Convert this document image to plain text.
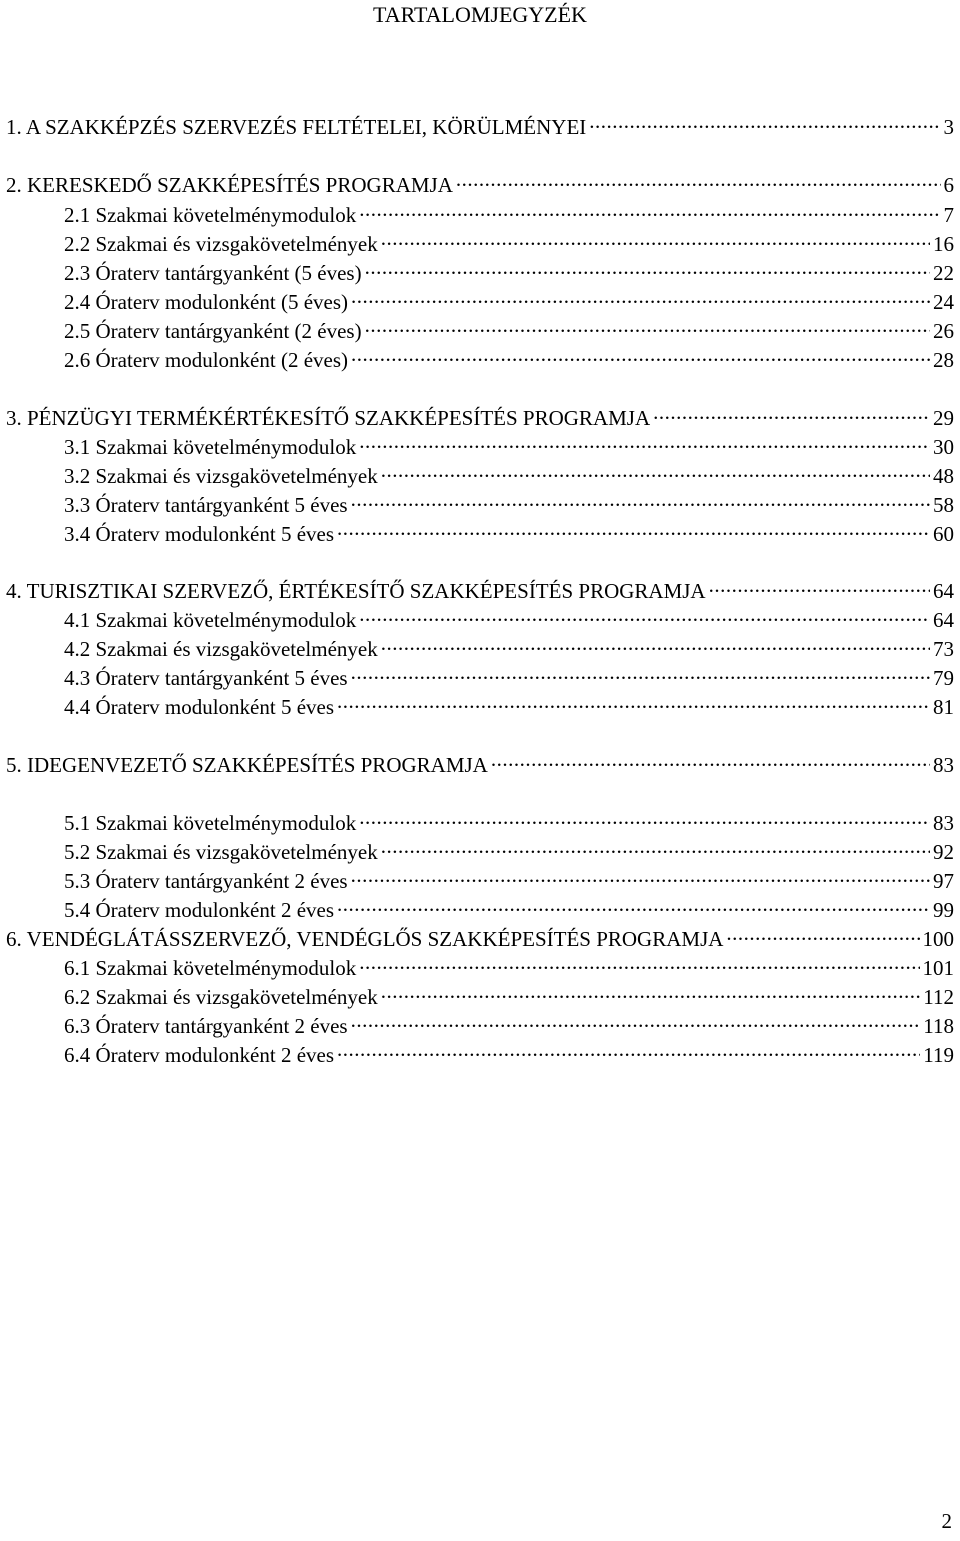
TARTALOMJEGYZÉK
1. A SZAKKÉPZÉS SZERVEZÉS FELTÉTELEI, KÖRÜLMÉNYEI .....	3
2. KERESKEDŐ SZAKKÉPESÍTÉS PROGRAMJA .....	6
2.1 Szakmai követelménymodulok .....	7
2.2 Szakmai és vizsgakövetelmények .....	16
2.3 Óraterv tantárgyanként (5 éves) .....	22
2.4 Óraterv modulonként (5 éves) .....	24
2.5 Óraterv tantárgyanként (2 éves) .....	26
2.6 Óraterv modulonként (2 éves) .....	28
3. PÉNZÜGYI TERMÉKÉRTÉKESÍTŐ SZAKKÉPESÍTÉS PROGRAMJA .....	29
3.1 Szakmai követelménymodulok .....	30
3.2 Szakmai és vizsgakövetelmények .....	48
3.3 Óraterv tantárgyanként 5 éves .....	58
3.4 Óraterv modulonként 5 éves .....	60
4. TURISZTIKAI SZERVEZŐ, ÉRTÉKESÍTŐ SZAKKÉPESÍTÉS PROGRAMJA .....	64
4.1 Szakmai követelménymodulok .....	64
4.2 Szakmai és vizsgakövetelmények .....	73
4.3 Óraterv tantárgyanként 5 éves .....	79
4.4 Óraterv modulonként 5 éves .....	81
5. IDEGENVEZETŐ SZAKKÉPESÍTÉS PROGRAMJA .....	83
5.1 Szakmai követelménymodulok .....	83
5.2 Szakmai és vizsgakövetelmények .....	92
5.3 Óraterv tantárgyanként 2 éves .....	97
5.4 Óraterv modulonként 2 éves .....	99
6. VENDÉGLÁTÁSSZERVEZŐ, VENDÉGLŐS SZAKKÉPESÍTÉS PROGRAMJA .....	100
6.1 Szakmai követelménymodulok .....	101
6.2 Szakmai és vizsgakövetelmények .....	112
6.3 Óraterv tantárgyanként 2 éves .....	118
6.4 Óraterv modulonként 2 éves .....	119
2
